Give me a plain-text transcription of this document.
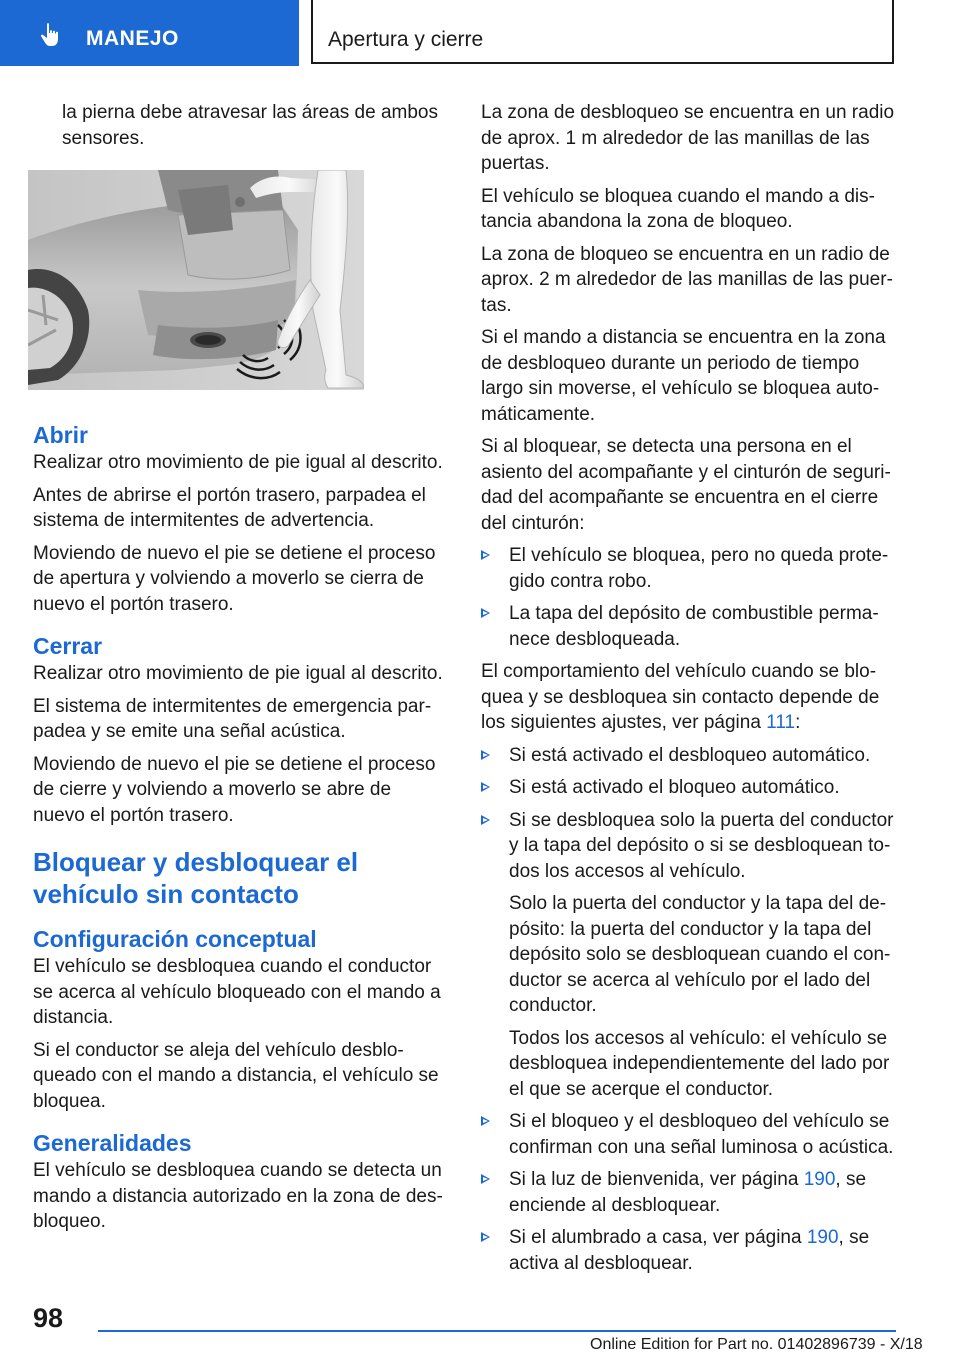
MANEJO	Apertura y cierre

la pierna debe atravesar las áreas de ambos sensores.

Abrir

Realizar otro movimiento de pie igual al descrito.

Antes de abrirse el portón trasero, parpadea el sistema de intermitentes de advertencia.

Moviendo de nuevo el pie se detiene el proceso de apertura y volviendo a moverlo se cierra de nuevo el portón trasero.

Cerrar

Realizar otro movimiento de pie igual al descrito.

El sistema de intermitentes de emergencia parpadea y se emite una señal acústica.

Moviendo de nuevo el pie se detiene el proceso de cierre y volviendo a moverlo se abre de nuevo el portón trasero.

Bloquear y desbloquear el vehículo sin contacto
Configuración conceptual

El vehículo se desbloquea cuando el conductor se acerca al vehículo bloqueado con el mando a distancia.

Si el conductor se aleja del vehículo desbloqueado con el mando a distancia, el vehículo se bloquea.

Generalidades

El vehículo se desbloquea cuando se detecta un mando a distancia autorizado en la zona de desbloqueo.

La zona de desbloqueo se encuentra en un radio de aprox. 1 m alrededor de las manillas de las puertas.

El vehículo se bloquea cuando el mando a distancia abandona la zona de bloqueo.

La zona de bloqueo se encuentra en un radio de aprox. 2 m alrededor de las manillas de las puertas.

Si el mando a distancia se encuentra en la zona de desbloqueo durante un periodo de tiempo largo sin moverse, el vehículo se bloquea automáticamente.

Si al bloquear, se detecta una persona en el asiento del acompañante y el cinturón de seguridad del acompañante se encuentra en el cierre del cinturón:

El vehículo se bloquea, pero no queda protegido contra robo.
La tapa del depósito de combustible permanece desbloqueada.

El comportamiento del vehículo cuando se bloquea y se desbloquea sin contacto depende de los siguientes ajustes, ver página 111:

Si está activado el desbloqueo automático.
Si está activado el bloqueo automático.
Si se desbloquea solo la puerta del conductor y la tapa del depósito o si se desbloquean todos los accesos al vehículo.
Solo la puerta del conductor y la tapa del depósito: la puerta del conductor y la tapa del depósito solo se desbloquean cuando el conductor se acerca al vehículo por el lado del conductor.
Todos los accesos al vehículo: el vehículo se desbloquea independientemente del lado por el que se acerque el conductor.
Si el bloqueo y el desbloqueo del vehículo se confirman con una señal luminosa o acústica.
Si la luz de bienvenida, ver página 190, se enciende al desbloquear.
Si el alumbrado a casa, ver página 190, se activa al desbloquear.
98
Online Edition for Part no. 01402896739 - X/18
